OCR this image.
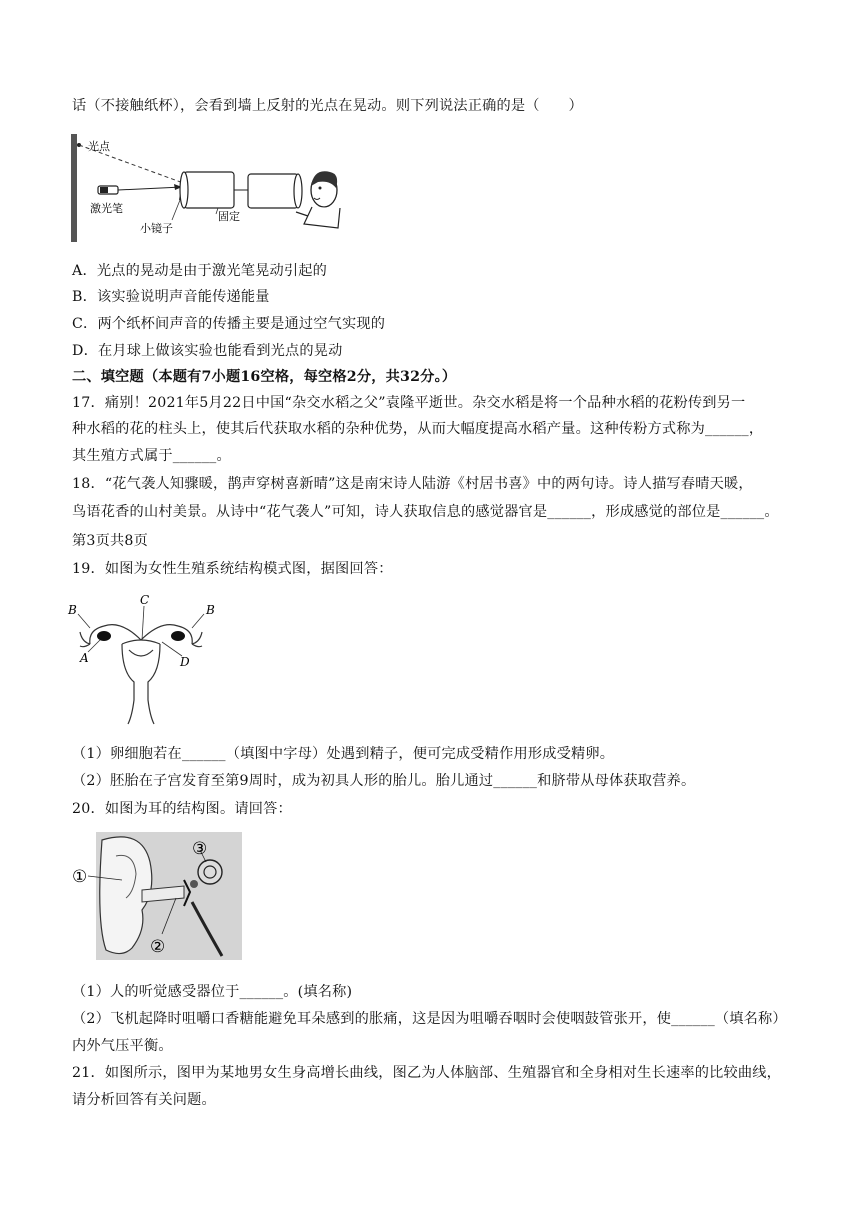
话（不接触纸杯），会看到墙上反射的光点在晃动。则下列说法正确的是（　　）
光点
激光笔
小镜子
固定
A．光点的晃动是由于激光笔晃动引起的
B．该实验说明声音能传递能量
C．两个纸杯间声音的传播主要是通过空气实现的
D．在月球上做该实验也能看到光点的晃动
二、填空题（本题有7小题16空格，每空格2分，共32分。）
17．痛别！2021年5月22日中国“杂交水稻之父”袁隆平逝世。杂交水稻是将一个品种水稻的花粉传到另一
种水稻的花的柱头上，使其后代获取水稻的杂种优势，从而大幅度提高水稻产量。这种传粉方式称为______，
其生殖方式属于______。
18．“花气袭人知骤暖，鹊声穿树喜新晴”这是南宋诗人陆游《村居书喜》中的两句诗。诗人描写春晴天暖，
鸟语花香的山村美景。从诗中“花气袭人”可知，诗人获取信息的感觉器官是______，形成感觉的部位是______。
第3页共8页
19．如图为女性生殖系统结构模式图，据图回答：
B
C
B
A	D
（1）卵细胞若在______（填图中字母）处遇到精子，便可完成受精作用形成受精卵。
（2）胚胎在子宫发育至第9周时，成为初具人形的胎儿。胎儿通过______和脐带从母体获取营养。
20．如图为耳的结构图。请回答：
①
②
③
（1）人的听觉感受器位于______。(填名称)
（2）飞机起降时咀嚼口香糖能避免耳朵感到的胀痛，这是因为咀嚼吞咽时会使咽鼓管张开，使______（填名称）
内外气压平衡。
21．如图所示，图甲为某地男女生身高增长曲线，图乙为人体脑部、生殖器官和全身相对生长速率的比较曲线，
请分析回答有关问题。
